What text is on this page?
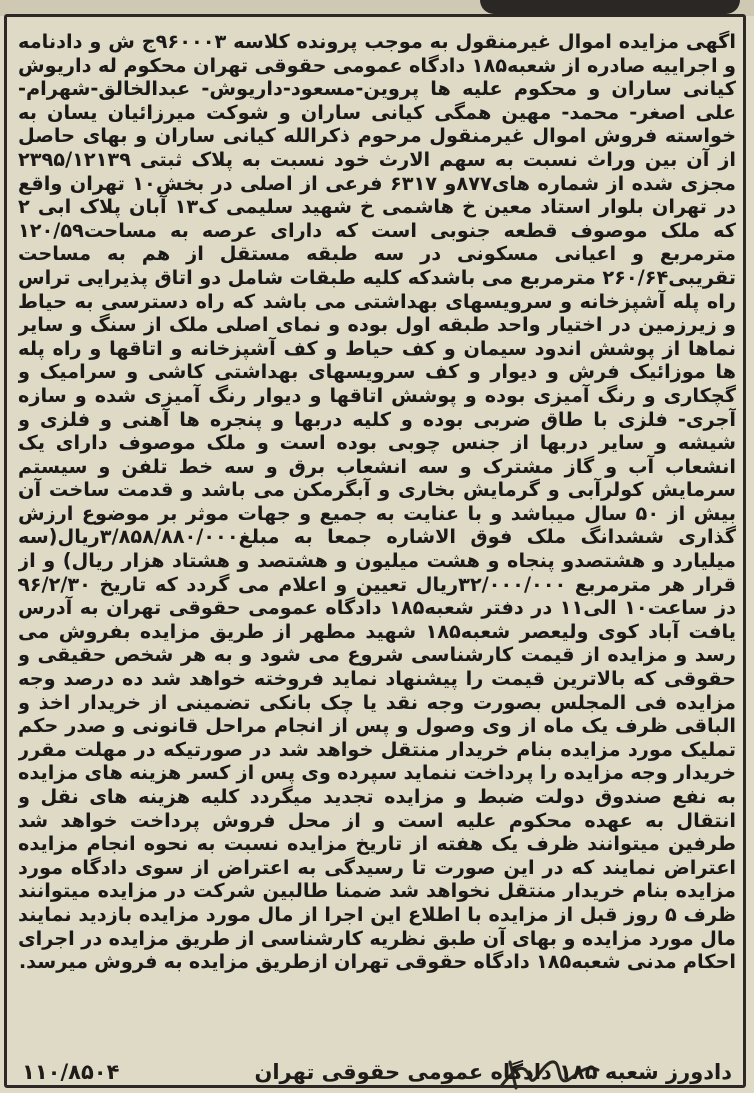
اگهی مزایده اموال غیرمنقول به موجب پرونده کلاسه ۹۶۰۰۰۳ج ش و دادنامه و اجراییه صادره از شعبه۱۸۵ دادگاه عمومی حقوقی تهران محکوم له داریوش کیانی ساران و محکوم علیه ها پروین-مسعود-داریوش- عبدالخالق-شهرام- علی اصغر- محمد- مهین همگی کیانی ساران و شوکت میرزائیان یسان به خواسته فروش اموال غیرمنقول مرحوم ذکرالله کیانی ساران و بهای حاصل از آن بین وراث نسبت به سهم الارث خود نسبت به پلاک ثبتی ۲۳۹۵/۱۲۱۳۹ مجزی شده از شماره های۸۷۷و ۶۳۱۷ فرعی از اصلی در بخش۱۰ تهران واقع در تهران بلوار استاد معین خ هاشمی خ شهید سلیمی ک۱۳ آبان پلاک ابی ۲ که ملک موصوف قطعه جنوبی است که دارای عرصه به مساحت۱۲۰/۵۹ مترمربع و اعیانی مسکونی در سه طبقه مستقل از هم به مساحت تقریبی۲۶۰/۶۴ مترمربع می باشدکه کلیه طبقات شامل دو اتاق پذیرایی تراس راه پله آشپزخانه و سرویسهای بهداشتی می باشد که راه دسترسی به حیاط و زیرزمین در اختیار واحد طبقه اول بوده و نمای اصلی ملک از سنگ و سایر نماها از پوشش اندود سیمان و کف حیاط و کف آشپزخانه و اتاقها و راه پله ها موزائیک فرش و دیوار و کف سرویسهای بهداشتی کاشی و سرامیک و گچکاری و رنگ آمیزی بوده و پوشش اتاقها و دیوار رنگ آمیزی شده و سازه آجری- فلزی با طاق ضربی بوده و کلیه دربها و پنجره ها آهنی و فلزی و شیشه و سایر دربها از جنس چوبی بوده است و ملک موصوف دارای یک انشعاب آب و گاز مشترک و سه انشعاب برق و سه خط تلفن و سیستم سرمایش کولرآبی و گرمایش بخاری و آبگرمکن می باشد و قدمت ساخت آن بیش از ۵۰ سال میباشد و با عنایت به جمیع و جهات موثر بر موضوع ارزش گذاری ششدانگ ملک فوق الاشاره جمعا به مبلغ۳/۸۵۸/۸۸۰/۰۰۰ریال(سه میلیارد و هشتصدو پنجاه و هشت میلیون و هشتصد و هشتاد هزار ریال) و از قرار هر مترمربع ۳۲/۰۰۰/۰۰۰ریال تعیین و اعلام می گردد که تاریخ ۹۶/۲/۳۰ دز ساعت۱۰ الی۱۱ در دفتر شعبه۱۸۵ دادگاه عمومی حقوقی تهران به آدرس یافت آباد کوی ولیعصر شعبه۱۸۵ شهید مطهر از طریق مزایده بفروش می رسد و مزایده از قیمت کارشناسی شروع می شود و به هر شخص حقیقی و حقوقی که بالاترین قیمت را پیشنهاد نماید فروخته خواهد شد ده درصد وجه مزایده فی المجلس بصورت وجه نقد یا چک بانکی تضمینی از خریدار اخذ و الباقی ظرف یک ماه از وی وصول و پس از انجام مراحل قانونی و صدر حکم تملیک مورد مزایده بنام خریدار منتقل خواهد شد در صورتیکه در مهلت مقرر خریدار وجه مزایده را پرداخت ننماید سپرده وی پس از کسر هزینه های مزایده به نفع صندوق دولت ضبط و مزایده تجدید میگردد کلیه هزینه های نقل و انتقال به عهده محکوم علیه است و از محل فروش پرداخت خواهد شد طرفین میتوانند ظرف یک هفته از تاریخ مزایده نسبت به نحوه انجام مزایده اعتراض نمایند که در این صورت تا رسیدگی به اعتراض از سوی دادگاه مورد مزایده بنام خریدار منتقل نخواهد شد ضمنا طالبین شرکت در مزایده میتوانند ظرف ۵ روز قبل از مزایده با اطلاع این اجرا از مال مورد مزایده بازدید نمایند مال مورد مزایده و بهای آن طبق نظریه کارشناسی از طریق مزایده در اجرای احکام مدنی شعبه۱۸۵ دادگاه حقوقی تهران ازطریق مزایده به فروش میرسد.

دادورز شعبه ۱۸۵ دادگاه عمومی حقوقی تهران
۱۱۰/۸۵۰۴
